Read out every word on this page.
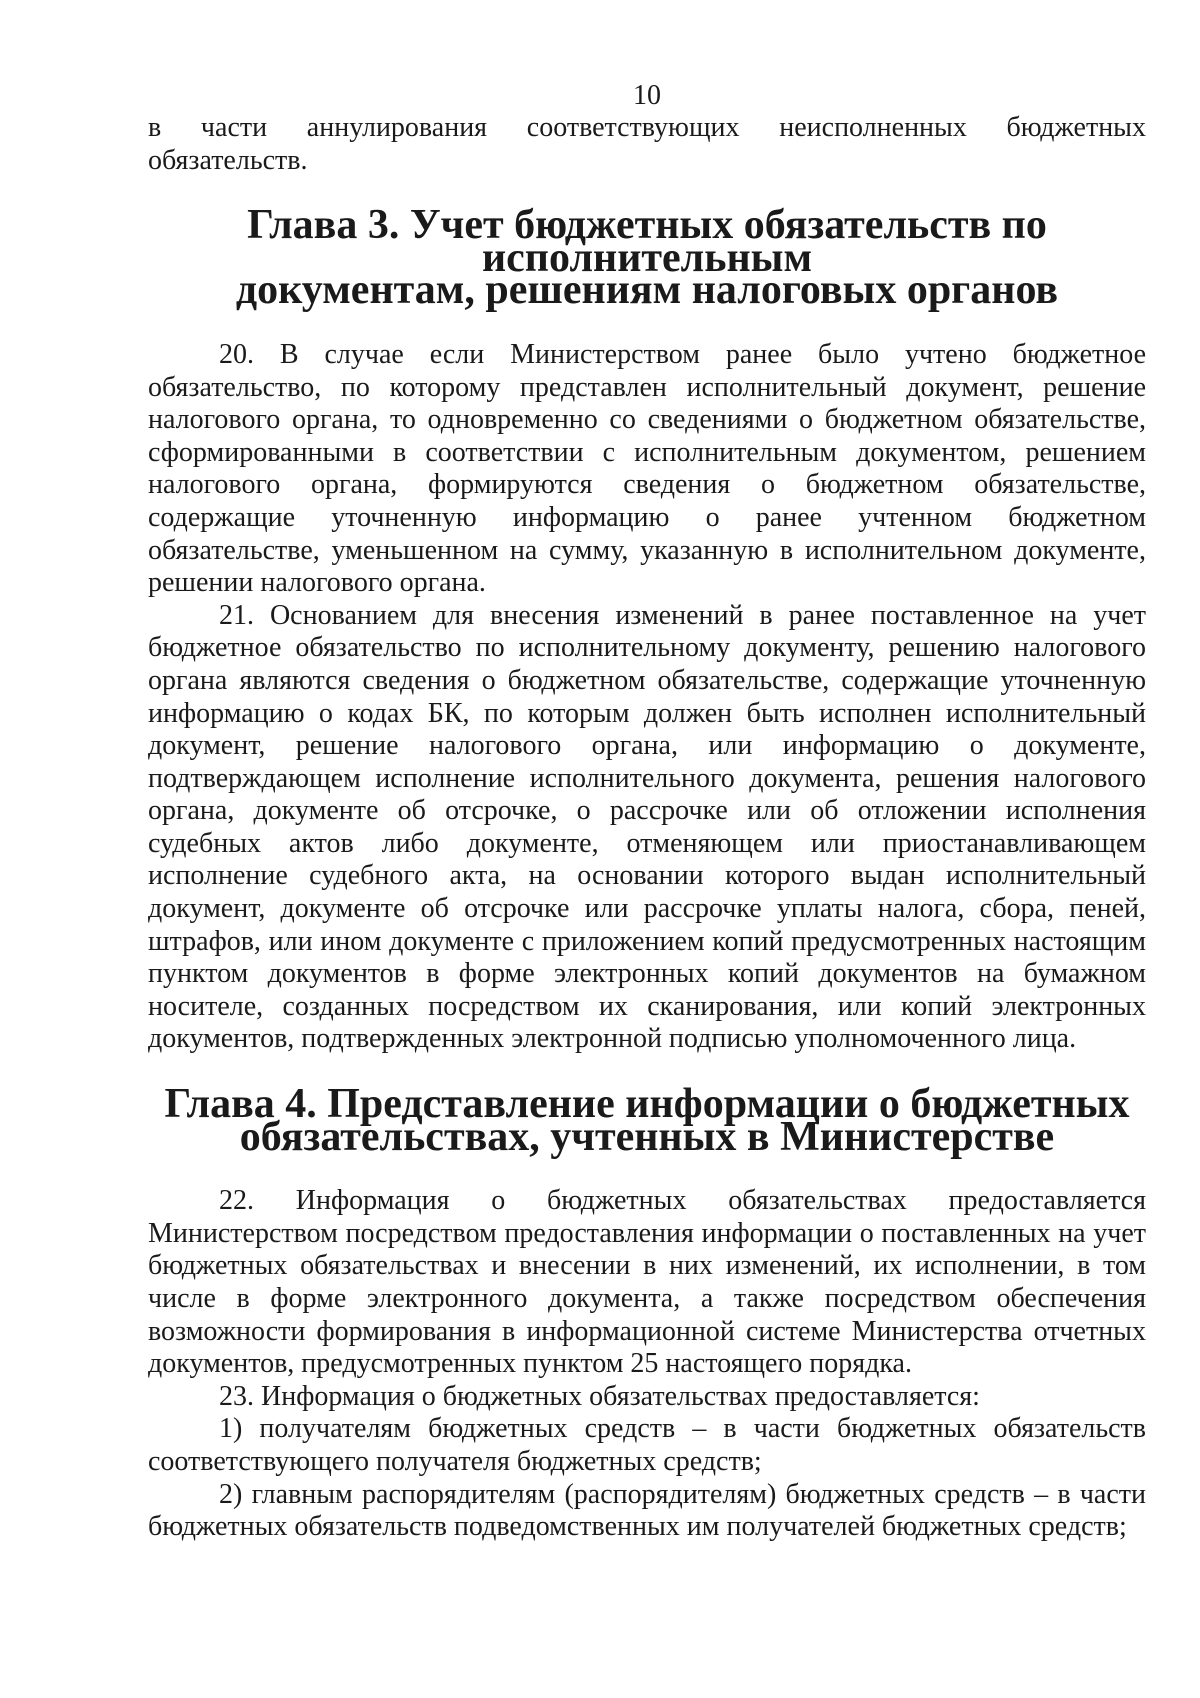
10

в части аннулирования соответствующих неисполненных бюджетных обязательств.

Глава 3. Учет бюджетных обязательств по исполнительным
документам, решениям налоговых органов

20. В случае если Министерством ранее было учтено бюджетное обязательство, по которому представлен исполнительный документ, решение налогового органа, то одновременно со сведениями о бюджетном обязательстве, сформированными в соответствии с исполнительным документом, решением налогового органа, формируются сведения о бюджетном обязательстве, содержащие уточненную информацию о ранее учтенном бюджетном обязательстве, уменьшенном на сумму, указанную в исполнительном документе, решении налогового органа.

21. Основанием для внесения изменений в ранее поставленное на учет бюджетное обязательство по исполнительному документу, решению налогового органа являются сведения о бюджетном обязательстве, содержащие уточненную информацию о кодах БК, по которым должен быть исполнен исполнительный документ, решение налогового органа, или информацию о документе, подтверждающем исполнение исполнительного документа, решения налогового органа, документе об отсрочке, о рассрочке или об отложении исполнения судебных актов либо документе, отменяющем или приостанавливающем исполнение судебного акта, на основании которого выдан исполнительный документ, документе об отсрочке или рассрочке уплаты налога, сбора, пеней, штрафов, или ином документе с приложением копий предусмотренных настоящим пунктом документов в форме электронных копий документов на бумажном носителе, созданных посредством их сканирования, или копий электронных документов, подтвержденных электронной подписью уполномоченного лица.

Глава 4. Представление информации о бюджетных
обязательствах, учтенных в Министерстве

22. Информация о бюджетных обязательствах предоставляется Министерством посредством предоставления информации о поставленных на учет бюджетных обязательствах и внесении в них изменений, их исполнении, в том числе в форме электронного документа, а также посредством обеспечения возможности формирования в информационной системе Министерства отчетных документов, предусмотренных пунктом 25 настоящего порядка.

23. Информация о бюджетных обязательствах предоставляется:

1) получателям бюджетных средств – в части бюджетных обязательств соответствующего получателя бюджетных средств;

2) главным распорядителям (распорядителям) бюджетных средств – в части бюджетных обязательств подведомственных им получателей бюджетных средств;
